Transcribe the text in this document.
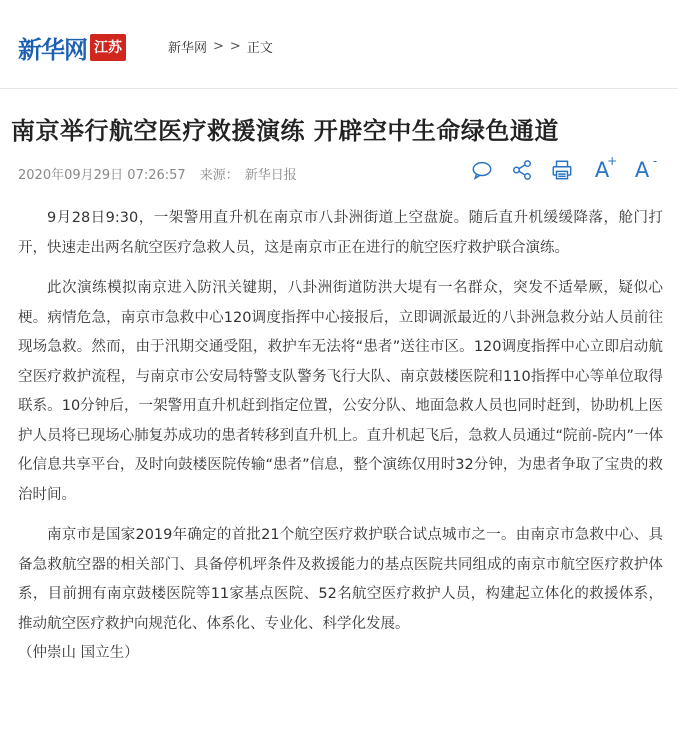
新华网 江苏	新华网 > > 正文
南京举行航空医疗救援演练 开辟空中生命绿色通道
2020年09月29日 07:26:57 来源： 新华日报	A
+ A -

9月28日9:30，一架警用直升机在南京市八卦洲街道上空盘旋。随后直升机缓缓降落，舱门打开，快速走出两名航空医疗急救人员，这是南京市正在进行的航空医疗救护联合演练。

此次演练模拟南京进入防汛关键期，八卦洲街道防洪大堤有一名群众，突发不适晕厥，疑似心梗。病情危急，南京市急救中心120调度指挥中心接报后，立即调派最近的八卦洲急救分站人员前往现场急救。然而，由于汛期交通受阻，救护车无法将“患者”送往市区。120调度指挥中心立即启动航空医疗救护流程，与南京市公安局特警支队警务飞行大队、南京鼓楼医院和110指挥中心等单位取得联系。10分钟后，一架警用直升机赶到指定位置，公安分队、地面急救人员也同时赶到，协助机上医护人员将已现场心肺复苏成功的患者转移到直升机上。直升机起飞后，急救人员通过“院前-院内”一体化信息共享平台，及时向鼓楼医院传输“患者”信息，整个演练仅用时32分钟，为患者争取了宝贵的救治时间。

南京市是国家2019年确定的首批21个航空医疗救护联合试点城市之一。由南京市急救中心、具备急救航空器的相关部门、具备停机坪条件及救援能力的基点医院共同组成的南京市航空医疗救护体系，目前拥有南京鼓楼医院等11家基点医院、52名航空医疗救护人员，构建起立体化的救援体系，推动航空医疗救护向规范化、体系化、专业化、科学化发展。

（仲崇山 国立生）
